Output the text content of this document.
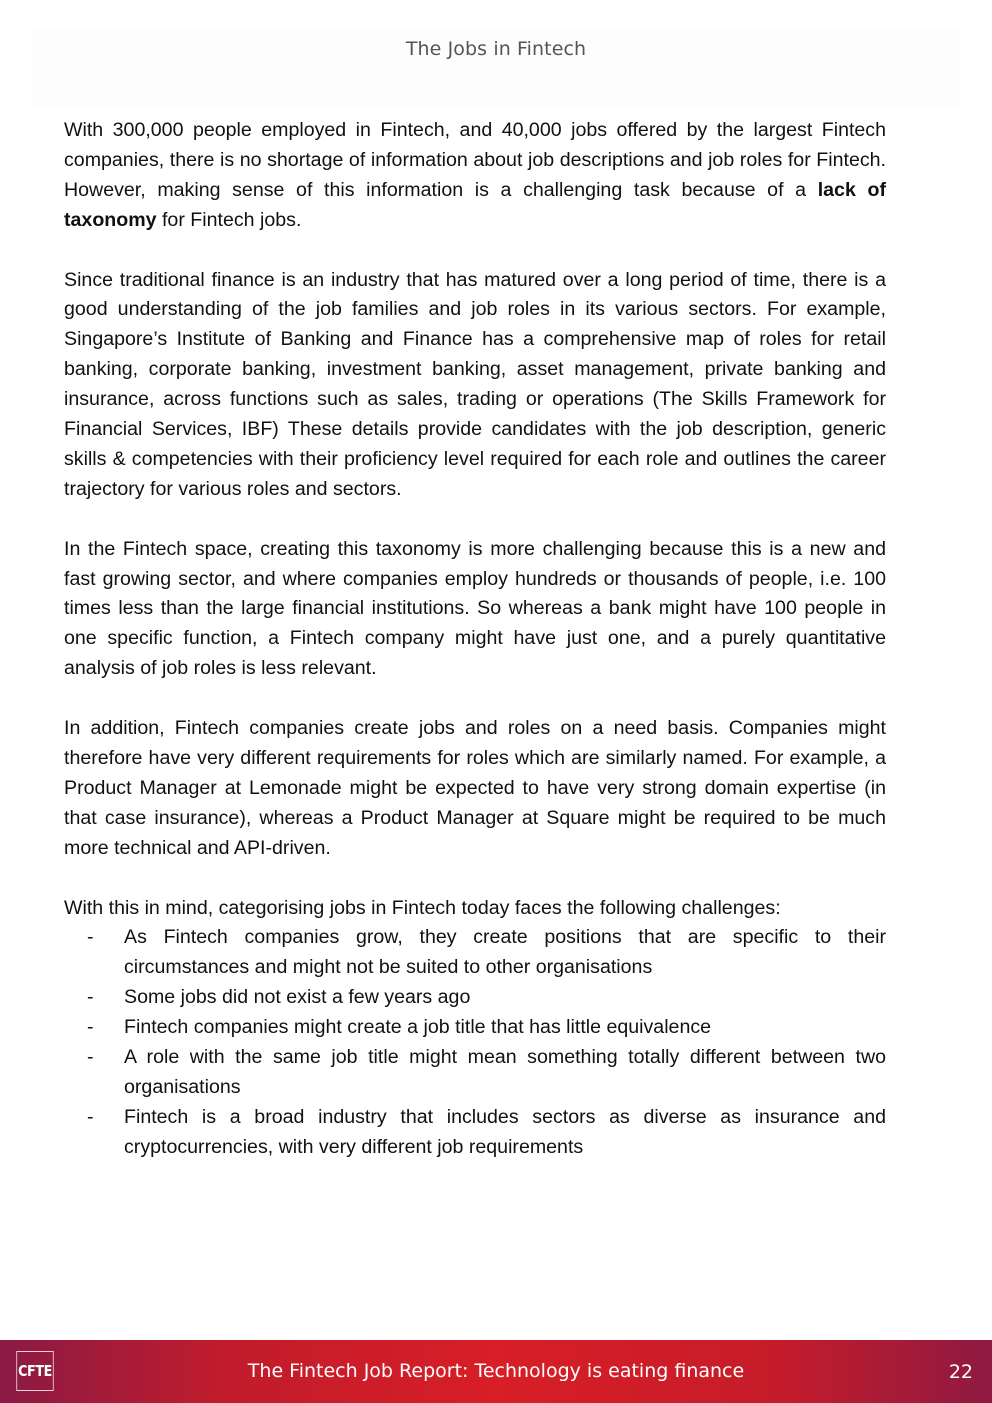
The Jobs in Fintech

With 300,000 people employed in Fintech, and 40,000 jobs offered by the largest Fintech companies, there is no shortage of information about job descriptions and job roles for Fintech. However, making sense of this information is a challenging task because of a lack of taxonomy for Fintech jobs.

Since traditional finance is an industry that has matured over a long period of time, there is a good understanding of the job families and job roles in its various sectors. For example, Singapore’s Institute of Banking and Finance has a comprehensive map of roles for retail banking, corporate banking, investment banking, asset management, private banking and insurance, across functions such as sales, trading or operations (The Skills Framework for Financial Services, IBF) These details provide candidates with the job description, generic skills & competencies with their proficiency level required for each role and outlines the career trajectory for various roles and sectors.

In the Fintech space, creating this taxonomy is more challenging because this is a new and fast growing sector, and where companies employ hundreds or thousands of people, i.e. 100 times less than the large financial institutions. So whereas a bank might have 100 people in one specific function, a Fintech company might have just one, and a purely quantitative analysis of job roles is less relevant.

In addition, Fintech companies create jobs and roles on a need basis. Companies might therefore have very different requirements for roles which are similarly named. For example, a Product Manager at Lemonade might be expected to have very strong domain expertise (in that case insurance), whereas a Product Manager at Square might be required to be much more technical and API-driven.

With this in mind, categorising jobs in Fintech today faces the following challenges:

- As Fintech companies grow, they create positions that are specific to their circumstances and might not be suited to other organisations
- Some jobs did not exist a few years ago
- Fintech companies might create a job title that has little equivalence
- A role with the same job title might mean something totally different between two organisations
- Fintech is a broad industry that includes sectors as diverse as insurance and cryptocurrencies, with very different job requirements
CFTE	The Fintech Job Report: Technology is eating finance	22
